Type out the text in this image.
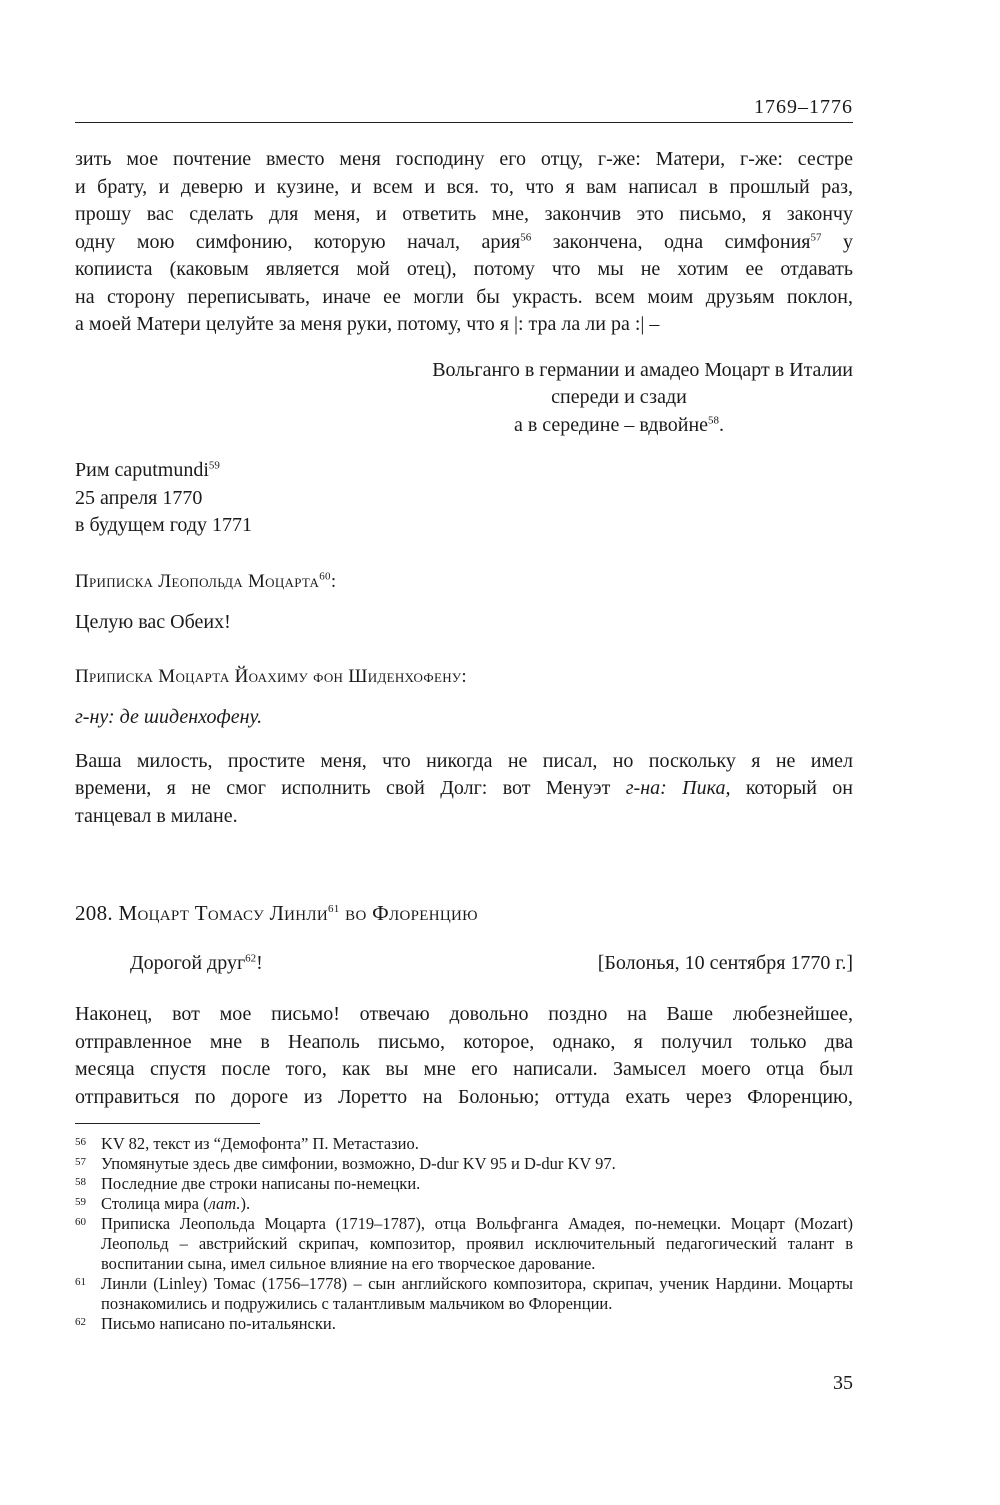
1769–1776

зить мое почтение вместо меня господину его отцу, г-же: Матери, г-же: сестре

и брату, и деверю и кузине, и всем и вся. то, что я вам написал в прошлый раз,

прошу вас сделать для меня, и ответить мне, закончив это письмо, я закончу

одну мою симфонию, которую начал, ария$^{56}$ закончена, одна симфония$^{57}$ у

копииста (каковым является мой отец), потому что мы не хотим ее отдавать

на сторону переписывать, иначе ее могли бы украсть. всем моим друзьям поклон,

а моей Матери целуйте за меня руки, потому, что я |: тра ла ли ра :| –

Вольганго в германии и амадео Моцарт в Италии
спереди и сзади
а в середине – вдвойне$^{58}$.
Рим caputmundi$^{59}$
25 апреля 1770
в будущем году 1771
Приписка Леопольда Моцарта$^{60}$:

Целую вас Обеих!

Приписка Моцарта Йоахиму фон Шиденхофену:

г-ну: де шиденхофену.

Ваша милость, простите меня, что никогда не писал, но поскольку я не имел

времени, я не смог исполнить свой Долг: вот Менуэт г-на: Пика, который он

танцевал в милане.

208. Моцарт Томасу Линли$^{61}$ во Флоренцию
Дорогой друг$^{62}$!	[Болонья, 10 сентября 1770 г.]

Наконец, вот мое письмо! отвечаю довольно поздно на Ваше любезнейшее,

отправленное мне в Неаполь письмо, которое, однако, я получил только два

месяца спустя после того, как вы мне его написали. Замысел моего отца был

отправиться по дороге из Лоретто на Болонью; оттуда ехать через Флоренцию,

56 KV 82, текст из “Демофонта” П. Метастазио.
57 Упомянутые здесь две симфонии, возможно, D-dur KV 95 и D-dur KV 97.
58 Последние две строки написаны по-немецки.
59 Столица мира (лат.).
60 Приписка Леопольда Моцарта (1719–1787), отца Вольфганга Амадея, по-немецки. Моцарт (Mozart) Леопольд – австрийский скрипач, композитор, проявил исключительный педагогический талант в воспитании сына, имел сильное влияние на его творческое дарование.
61 Линли (Linley) Томас (1756–1778) – сын английского композитора, скрипач, ученик Нардини. Моцарты познакомились и подружились с талантливым мальчиком во Флоренции.
62 Письмо написано по-итальянски.
35
